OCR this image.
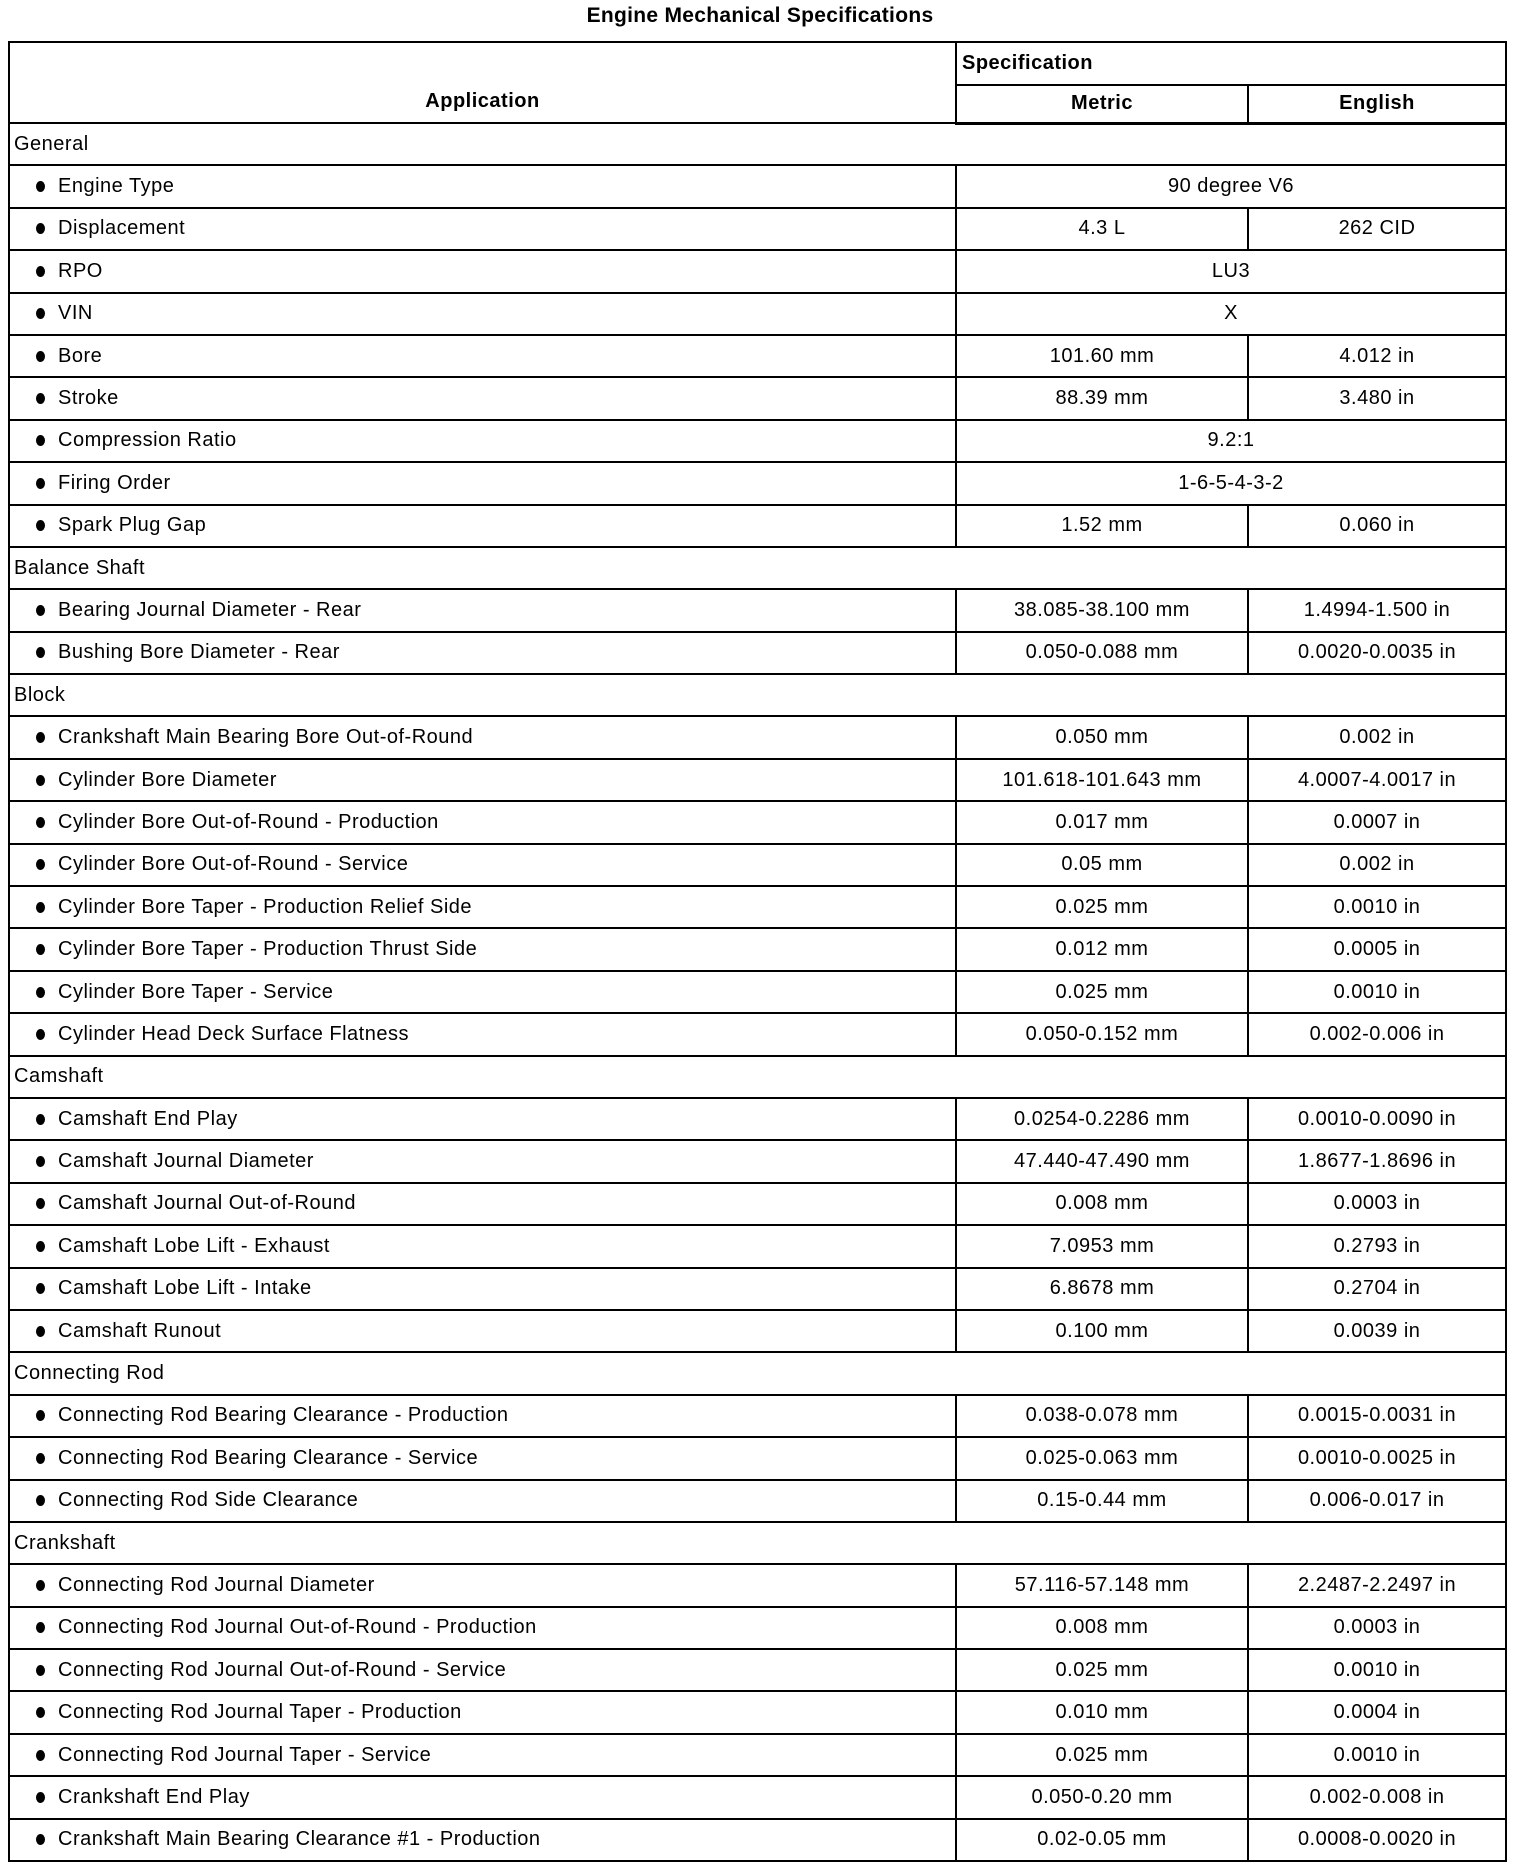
Engine Mechanical Specifications
Application	Specification	
	Metric	English
General		

Engine Type	90 degree V6	

Displacement	4.3 L	262 CID

RPO	LU3	

VIN	X	

Bore	101.60 mm	4.012 in

Stroke	88.39 mm	3.480 in

Compression Ratio	9.2:1	

Firing Order	1-6-5-4-3-2	

Spark Plug Gap	1.52 mm	0.060 in
Balance Shaft		

Bearing Journal Diameter - Rear	38.085-38.100 mm	1.4994-1.500 in

Bushing Bore Diameter - Rear	0.050-0.088 mm	0.0020-0.0035 in
Block		

Crankshaft Main Bearing Bore Out-of-Round	0.050 mm	0.002 in

Cylinder Bore Diameter	101.618-101.643 mm	4.0007-4.0017 in

Cylinder Bore Out-of-Round - Production	0.017 mm	0.0007 in

Cylinder Bore Out-of-Round - Service	0.05 mm	0.002 in

Cylinder Bore Taper - Production Relief Side	0.025 mm	0.0010 in

Cylinder Bore Taper - Production Thrust Side	0.012 mm	0.0005 in

Cylinder Bore Taper - Service	0.025 mm	0.0010 in

Cylinder Head Deck Surface Flatness	0.050-0.152 mm	0.002-0.006 in
Camshaft		

Camshaft End Play	0.0254-0.2286 mm	0.0010-0.0090 in

Camshaft Journal Diameter	47.440-47.490 mm	1.8677-1.8696 in

Camshaft Journal Out-of-Round	0.008 mm	0.0003 in

Camshaft Lobe Lift - Exhaust	7.0953 mm	0.2793 in

Camshaft Lobe Lift - Intake	6.8678 mm	0.2704 in

Camshaft Runout	0.100 mm	0.0039 in
Connecting Rod		

Connecting Rod Bearing Clearance - Production	0.038-0.078 mm	0.0015-0.0031 in

Connecting Rod Bearing Clearance - Service	0.025-0.063 mm	0.0010-0.0025 in

Connecting Rod Side Clearance	0.15-0.44 mm	0.006-0.017 in
Crankshaft		

Connecting Rod Journal Diameter	57.116-57.148 mm	2.2487-2.2497 in

Connecting Rod Journal Out-of-Round - Production	0.008 mm	0.0003 in

Connecting Rod Journal Out-of-Round - Service	0.025 mm	0.0010 in

Connecting Rod Journal Taper - Production	0.010 mm	0.0004 in

Connecting Rod Journal Taper - Service	0.025 mm	0.0010 in

Crankshaft End Play	0.050-0.20 mm	0.002-0.008 in

Crankshaft Main Bearing Clearance #1 - Production	0.02-0.05 mm	0.0008-0.0020 in
